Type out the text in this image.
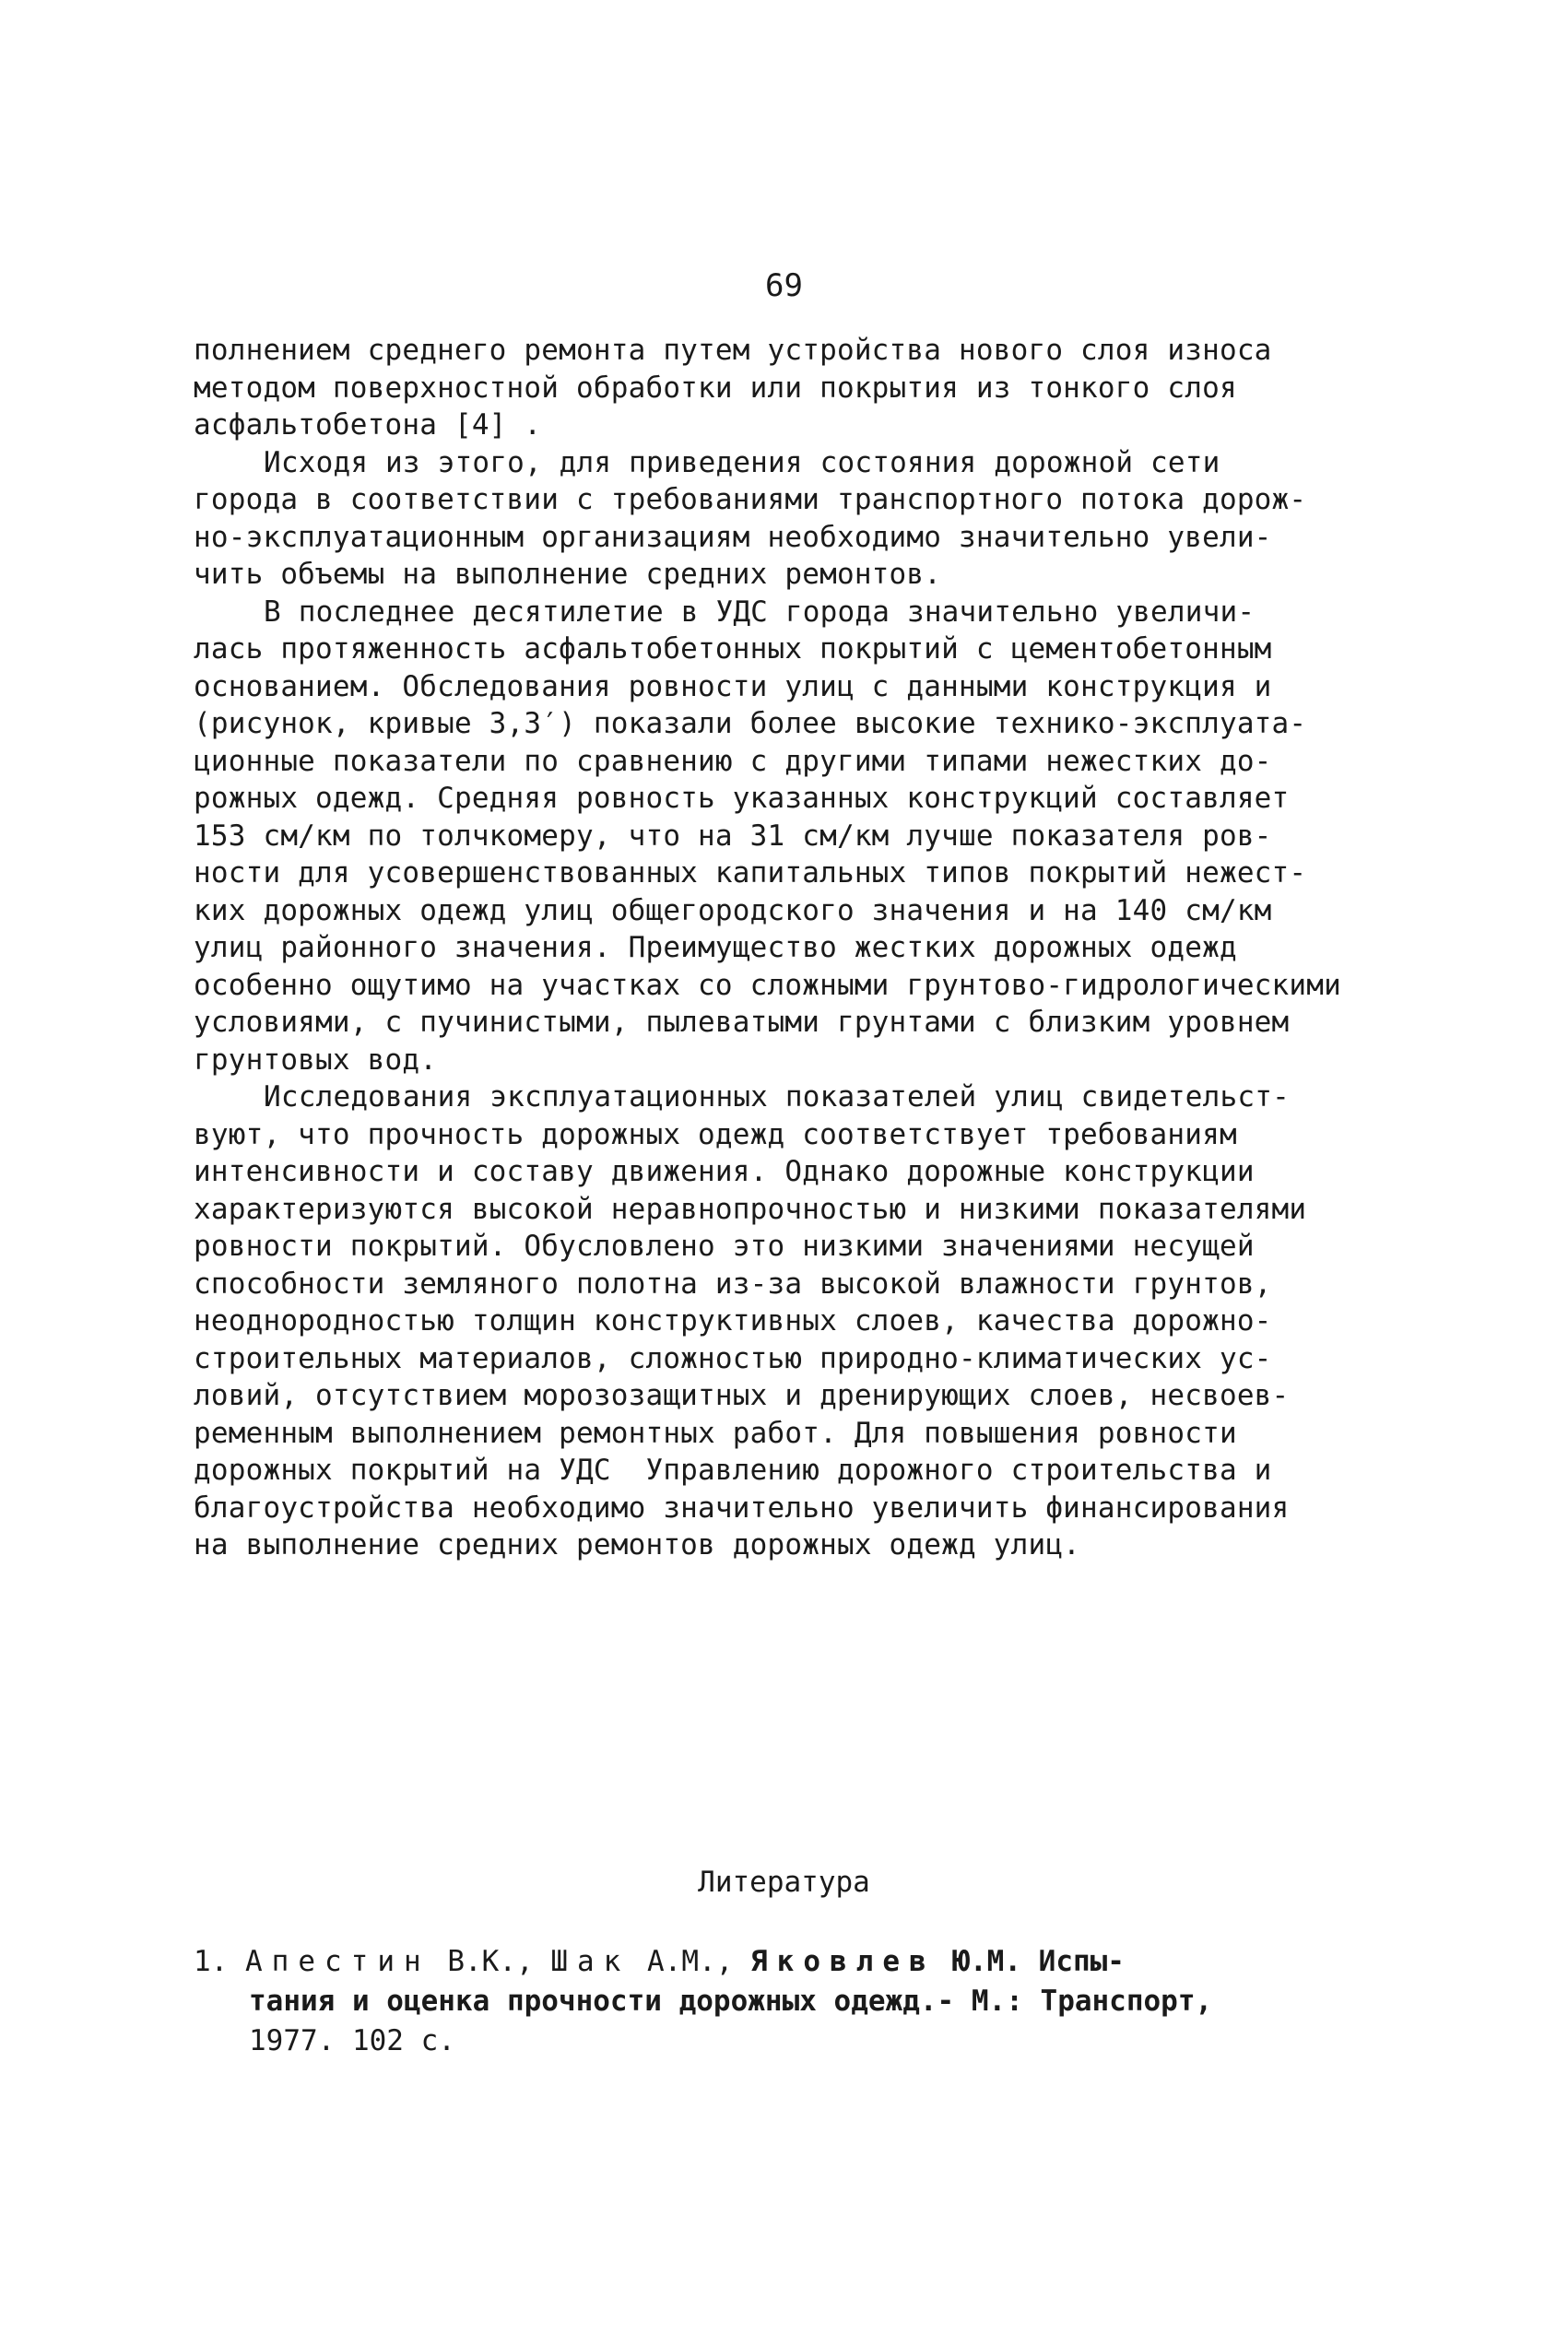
69
полнением среднего ремонта путем устройства нового слоя износа
методом поверхностной обработки или покрытия из тонкого слоя
асфальтобетона [4] .
Исходя из этого, для приведения состояния дорожной сети
города в соответствии с требованиями транспортного потока дорож-
но-эксплуатационным организациям необходимо значительно увели-
чить объемы на выполнение средних ремонтов.
В последнее десятилетие в УДС города значительно увеличи-
лась протяженность асфальтобетонных покрытий с цементобетонным
основанием. Обследования ровности улиц с данными конструкция и
(рисунок, кривые 3,3′) показали более высокие технико-эксплуата-
ционные показатели по сравнению с другими типами нежестких до-
рожных одежд. Средняя ровность указанных конструкций составляет
153 см/км по толчкомеру, что на 31 см/км лучше показателя ров-
ности для усовершенствованных капитальных типов покрытий нежест-
ких дорожных одежд улиц общегородского значения и на 140 см/км
улиц районного значения. Преимущество жестких дорожных одежд
особенно ощутимо на участках со сложными грунтово-гидрологическими
условиями, с пучинистыми, пылеватыми грунтами с близким уровнем
грунтовых вод.
Исследования эксплуатационных показателей улиц свидетельст-
вуют, что прочность дорожных одежд соответствует требованиям
интенсивности и составу движения. Однако дорожные конструкции
характеризуются высокой неравнопрочностью и низкими показателями
ровности покрытий. Обусловлено это низкими значениями несущей
способности земляного полотна из-за высокой влажности грунтов,
неоднородностью толщин конструктивных слоев, качества дорожно-
строительных материалов, сложностью природно-климатических ус-
ловий, отсутствием морозозащитных и дренирующих слоев, несвоев-
ременным выполнением ремонтных работ. Для повышения ровности
дорожных покрытий на УДС  Управлению дорожного строительства и
благоустройства необходимо значительно увеличить финансирования
на выполнение средних ремонтов дорожных одежд улиц.
Литература
1. Апестин В.К., Шак А.М., Яковлев Ю.М. Испы-
тания и оценка прочности дорожных одежд.- М.: Транспорт,
1977. 102 с.
